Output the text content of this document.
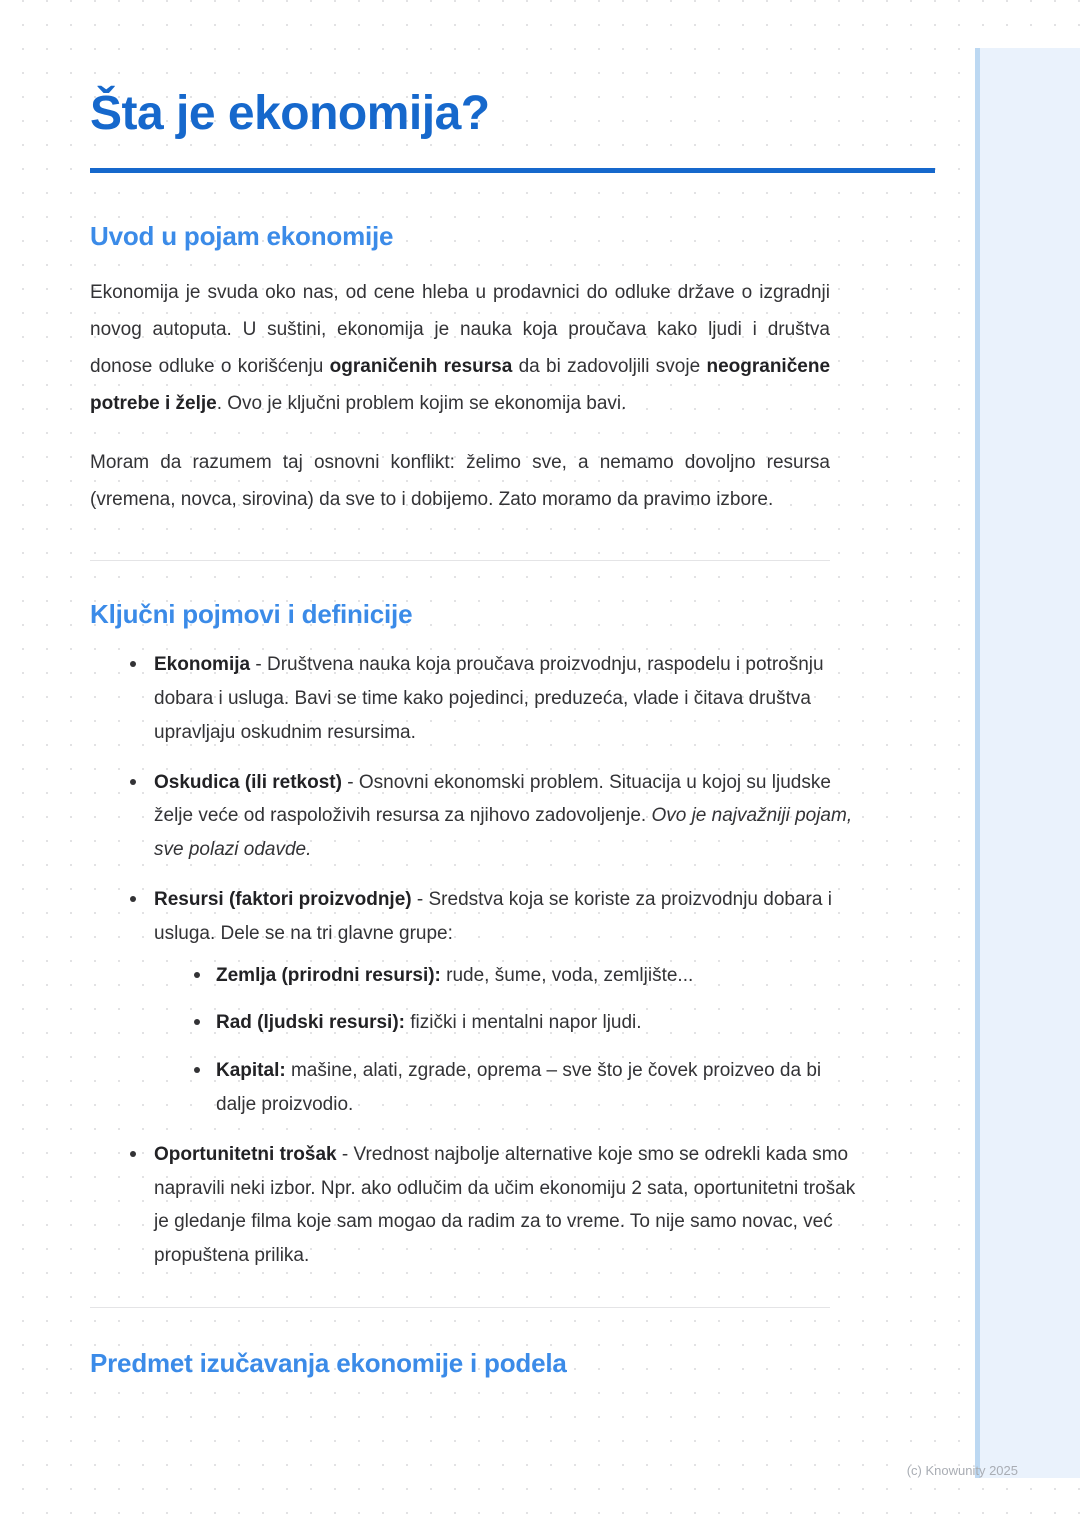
Šta je ekonomija?
Uvod u pojam ekonomije

Ekonomija je svuda oko nas, od cene hleba u prodavnici do odluke države o izgradnji novog autoputa. U suštini, ekonomija je nauka koja proučava kako ljudi i društva donose odluke o korišćenju ograničenih resursa da bi zadovoljili svoje neograničene potrebe i želje. Ovo je ključni problem kojim se ekonomija bavi.

Moram da razumem taj osnovni konflikt: želimo sve, a nemamo dovoljno resursa (vremena, novca, sirovina) da sve to i dobijemo. Zato moramo da pravimo izbore.

Ključni pojmovi i definicije
Ekonomija - Društvena nauka koja proučava proizvodnju, raspodelu i potrošnju dobara i usluga. Bavi se time kako pojedinci, preduzeća, vlade i čitava društva upravljaju oskudnim resursima.
Oskudica (ili retkost) - Osnovni ekonomski problem. Situacija u kojoj su ljudske želje veće od raspoloživih resursa za njihovo zadovoljenje. Ovo je najvažniji pojam, sve polazi odavde.
Resursi (faktori proizvodnje) - Sredstva koja se koriste za proizvodnju dobara i usluga. Dele se na tri glavne grupe:
Zemlja (prirodni resursi): rude, šume, voda, zemljište...
Rad (ljudski resursi): fizički i mentalni napor ljudi.
Kapital: mašine, alati, zgrade, oprema – sve što je čovek proizveo da bi dalje proizvodio.
Oportunitetni trošak - Vrednost najbolje alternative koje smo se odrekli kada smo napravili neki izbor. Npr. ako odlučim da učim ekonomiju 2 sata, oportunitetni trošak je gledanje filma koje sam mogao da radim za to vreme. To nije samo novac, već propuštena prilika.
Predmet izučavanja ekonomije i podela
(c) Knowunity 2025
